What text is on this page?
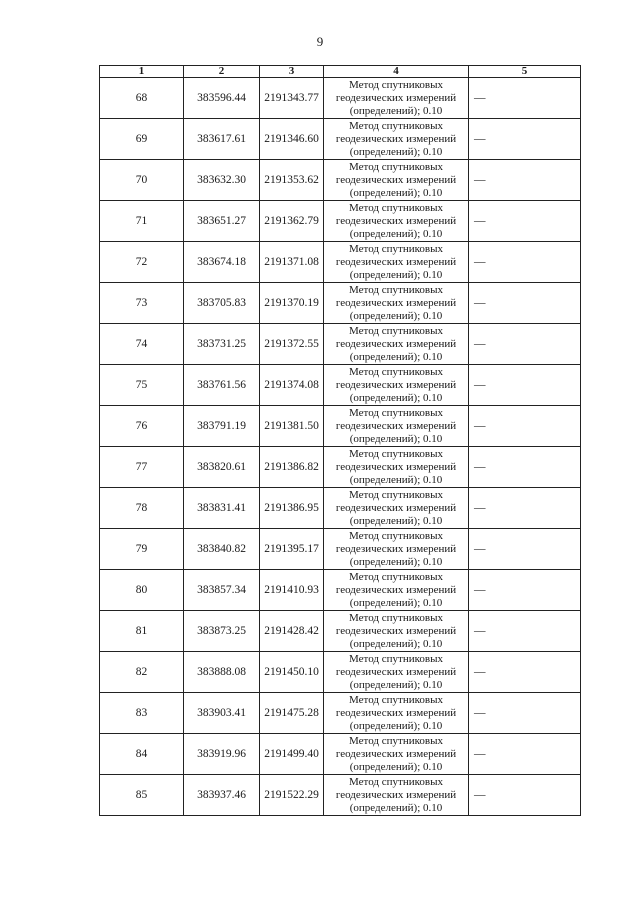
9
1	2	3	4	5
68	383596.44	2191343.77	Метод спутниковых
геодезических измерений
(определений); 0.10	—
69	383617.61	2191346.60	Метод спутниковых
геодезических измерений
(определений); 0.10	—
70	383632.30	2191353.62	Метод спутниковых
геодезических измерений
(определений); 0.10	—
71	383651.27	2191362.79	Метод спутниковых
геодезических измерений
(определений); 0.10	—
72	383674.18	2191371.08	Метод спутниковых
геодезических измерений
(определений); 0.10	—
73	383705.83	2191370.19	Метод спутниковых
геодезических измерений
(определений); 0.10	—
74	383731.25	2191372.55	Метод спутниковых
геодезических измерений
(определений); 0.10	—
75	383761.56	2191374.08	Метод спутниковых
геодезических измерений
(определений); 0.10	—
76	383791.19	2191381.50	Метод спутниковых
геодезических измерений
(определений); 0.10	—
77	383820.61	2191386.82	Метод спутниковых
геодезических измерений
(определений); 0.10	—
78	383831.41	2191386.95	Метод спутниковых
геодезических измерений
(определений); 0.10	—
79	383840.82	2191395.17	Метод спутниковых
геодезических измерений
(определений); 0.10	—
80	383857.34	2191410.93	Метод спутниковых
геодезических измерений
(определений); 0.10	—
81	383873.25	2191428.42	Метод спутниковых
геодезических измерений
(определений); 0.10	—
82	383888.08	2191450.10	Метод спутниковых
геодезических измерений
(определений); 0.10	—
83	383903.41	2191475.28	Метод спутниковых
геодезических измерений
(определений); 0.10	—
84	383919.96	2191499.40	Метод спутниковых
геодезических измерений
(определений); 0.10	—
85	383937.46	2191522.29	Метод спутниковых
геодезических измерений
(определений); 0.10	—
